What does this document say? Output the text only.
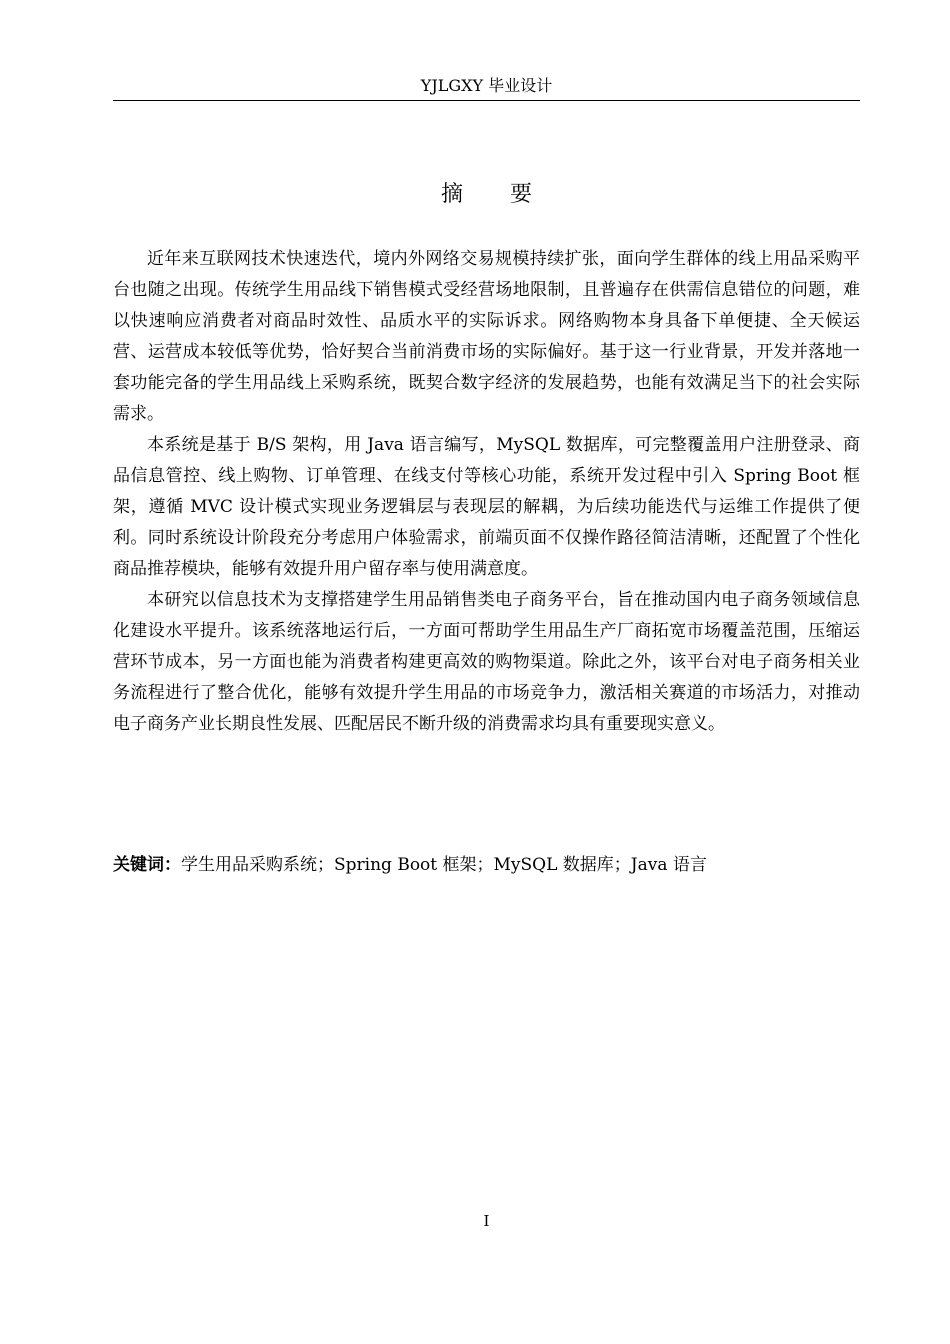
YJLGXY 毕业设计
摘 要

近年来互联网技术快速迭代，境内外网络交易规模持续扩张，面向学生群体的线上用品采购平台也随之出现。传统学生用品线下销售模式受经营场地限制，且普遍存在供需信息错位的问题，难以快速响应消费者对商品时效性、品质水平的实际诉求。网络购物本身具备下单便捷、全天候运营、运营成本较低等优势，恰好契合当前消费市场的实际偏好。基于这一行业背景，开发并落地一套功能完备的学生用品线上采购系统，既契合数字经济的发展趋势，也能有效满足当下的社会实际需求。

本系统是基于 B/S 架构，用 Java 语言编写，MySQL 数据库，可完整覆盖用户注册登录、商品信息管控、线上购物、订单管理、在线支付等核心功能，系统开发过程中引入 Spring Boot 框架，遵循 MVC 设计模式实现业务逻辑层与表现层的解耦，为后续功能迭代与运维工作提供了便利。同时系统设计阶段充分考虑用户体验需求，前端页面不仅操作路径简洁清晰，还配置了个性化商品推荐模块，能够有效提升用户留存率与使用满意度。

本研究以信息技术为支撑搭建学生用品销售类电子商务平台，旨在推动国内电子商务领域信息化建设水平提升。该系统落地运行后，一方面可帮助学生用品生产厂商拓宽市场覆盖范围，压缩运营环节成本，另一方面也能为消费者构建更高效的购物渠道。除此之外，该平台对电子商务相关业务流程进行了整合优化，能够有效提升学生用品的市场竞争力，激活相关赛道的市场活力，对推动电子商务产业长期良性发展、匹配居民不断升级的消费需求均具有重要现实意义。

关键词：学生用品采购系统；Spring Boot 框架；MySQL 数据库；Java 语言
I
